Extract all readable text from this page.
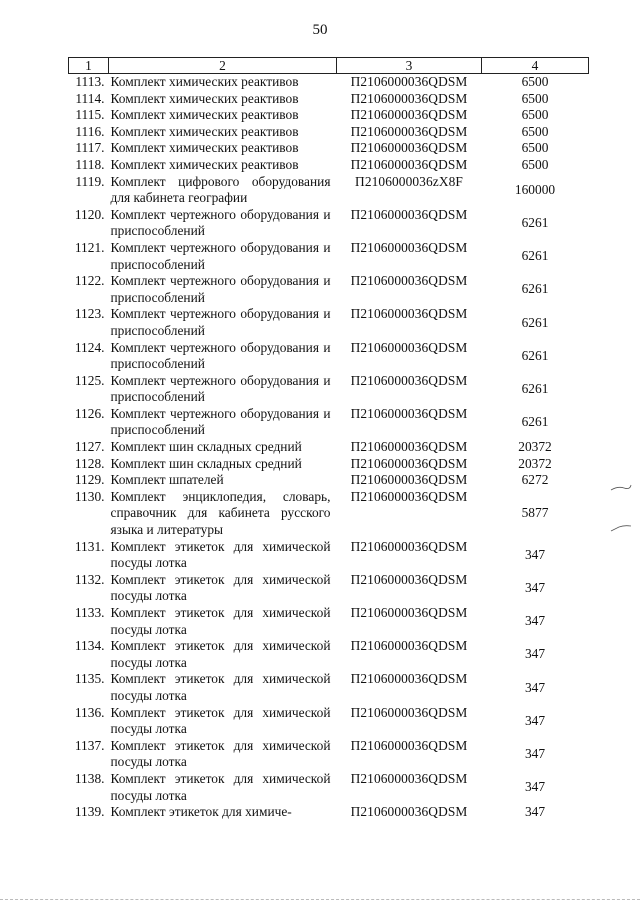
50
1	2	3	4
1113.	Комплект химических реактивов	П2106000036QDSM	6500
1114.	Комплект химических реактивов	П2106000036QDSM	6500
1115.	Комплект химических реактивов	П2106000036QDSM	6500
1116.	Комплект химических реактивов	П2106000036QDSM	6500
1117.	Комплект химических реактивов	П2106000036QDSM	6500
1118.	Комплект химических реактивов	П2106000036QDSM	6500
1119.	Комплект цифрового оборудования для кабинета географии	П2106000036zX8F	160000
1120.	Комплект чертежного оборудования и приспособлений	П2106000036QDSM	6261
1121.	Комплект чертежного оборудования и приспособлений	П2106000036QDSM	6261
1122.	Комплект чертежного оборудования и приспособлений	П2106000036QDSM	6261
1123.	Комплект чертежного оборудования и приспособлений	П2106000036QDSM	6261
1124.	Комплект чертежного оборудования и приспособлений	П2106000036QDSM	6261
1125.	Комплект чертежного оборудования и приспособлений	П2106000036QDSM	6261
1126.	Комплект чертежного оборудования и приспособлений	П2106000036QDSM	6261
1127.	Комплект шин складных средний	П2106000036QDSM	20372
1128.	Комплект шин складных средний	П2106000036QDSM	20372
1129.	Комплект шпателей	П2106000036QDSM	6272
1130.	Комплект энциклопедия, словарь, справочник для кабинета русского языка и литературы	П2106000036QDSM	5877
1131.	Комплект этикеток для химической посуды лотка	П2106000036QDSM	347
1132.	Комплект этикеток для химической посуды лотка	П2106000036QDSM	347
1133.	Комплект этикеток для химической посуды лотка	П2106000036QDSM	347
1134.	Комплект этикеток для химической посуды лотка	П2106000036QDSM	347
1135.	Комплект этикеток для химической посуды лотка	П2106000036QDSM	347
1136.	Комплект этикеток для химической посуды лотка	П2106000036QDSM	347
1137.	Комплект этикеток для химической посуды лотка	П2106000036QDSM	347
1138.	Комплект этикеток для химической посуды лотка	П2106000036QDSM	347
1139.	Комплект этикеток для химиче-	П2106000036QDSM	347
